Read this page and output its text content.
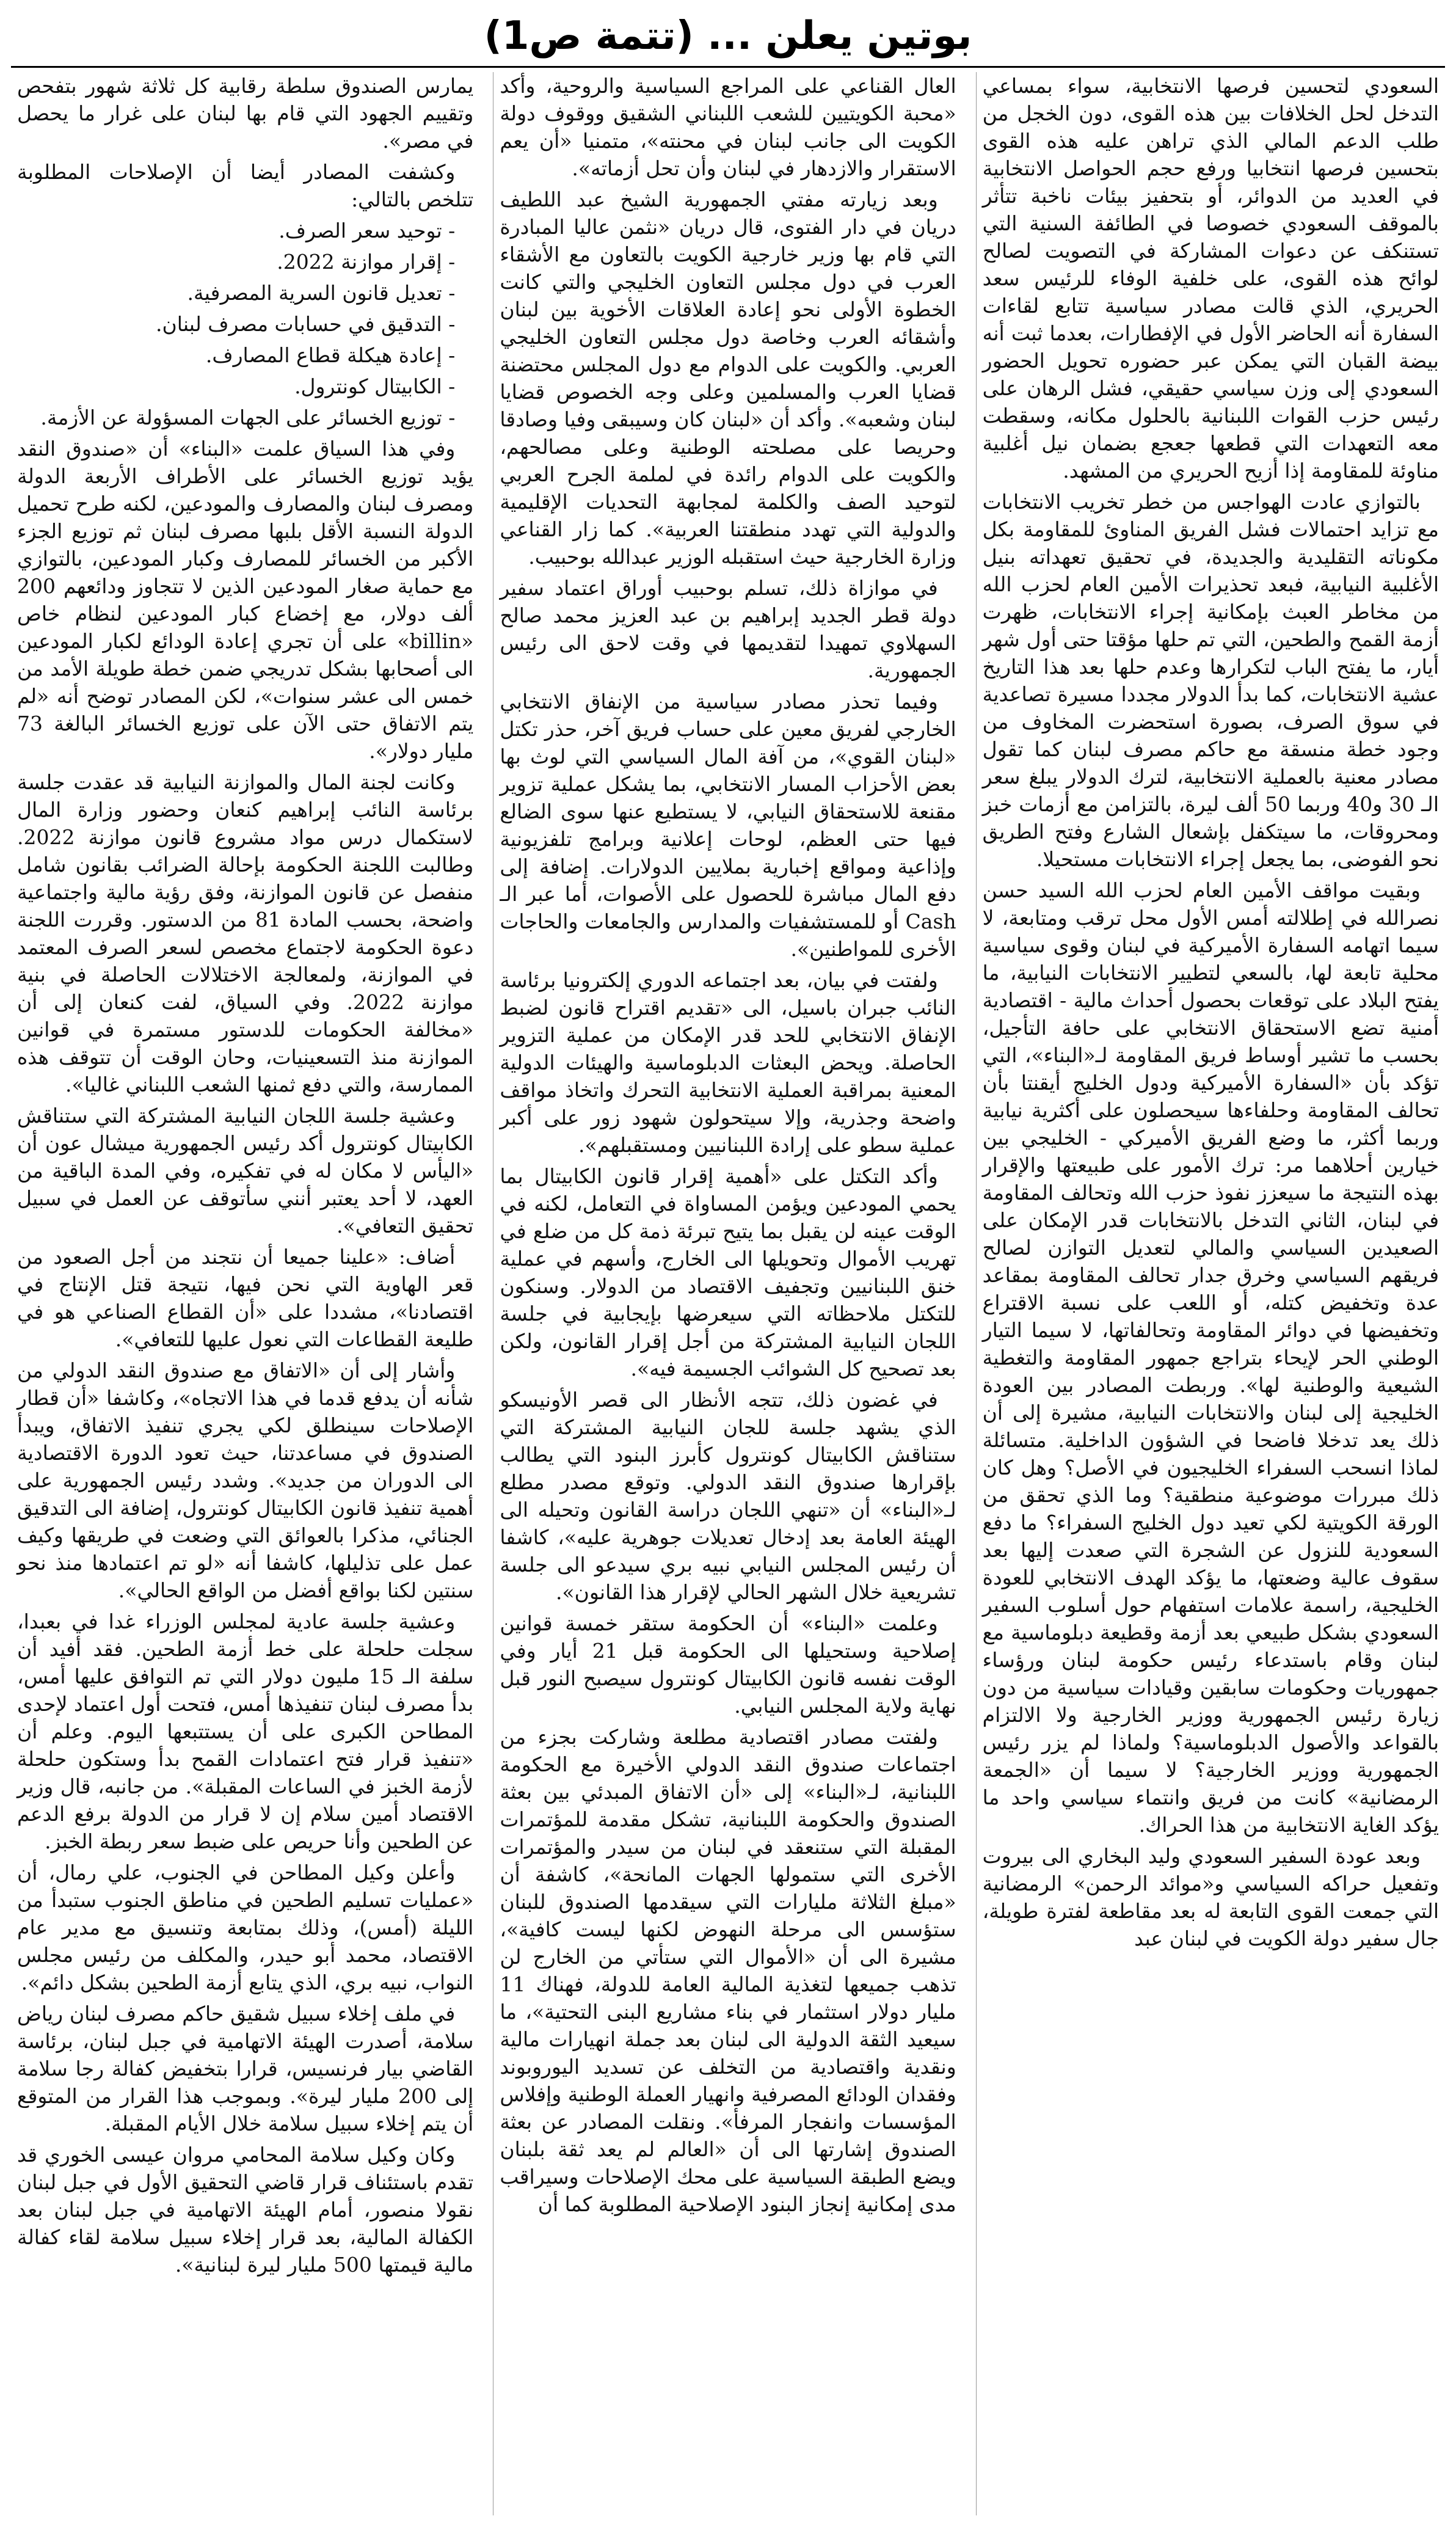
بوتين يعلن ... (تتمة ص1)

السعودي لتحسين فرصها الانتخابية، سواء بمساعي التدخل لحل الخلافات بين هذه القوى، دون الخجل من طلب الدعم المالي الذي تراهن عليه هذه القوى بتحسين فرصها انتخابيا ورفع حجم الحواصل الانتخابية في العديد من الدوائر، أو بتحفيز بيئات ناخبة تتأثر بالموقف السعودي خصوصا في الطائفة السنية التي تستنكف عن دعوات المشاركة في التصويت لصالح لوائح هذه القوى، على خلفية الوفاء للرئيس سعد الحريري، الذي قالت مصادر سياسية تتابع لقاءات السفارة أنه الحاضر الأول في الإفطارات، بعدما ثبت أنه بيضة القبان التي يمكن عبر حضوره تحويل الحضور السعودي إلى وزن سياسي حقيقي، فشل الرهان على رئيس حزب القوات اللبنانية بالحلول مكانه، وسقطت معه التعهدات التي قطعها جعجع بضمان نيل أغلبية مناوئة للمقاومة إذا أزيح الحريري من المشهد.

بالتوازي عادت الهواجس من خطر تخريب الانتخابات مع تزايد احتمالات فشل الفريق المناوئ للمقاومة بكل مكوناته التقليدية والجديدة، في تحقيق تعهداته بنيل الأغلبية النيابية، فبعد تحذيرات الأمين العام لحزب الله من مخاطر العبث بإمكانية إجراء الانتخابات، ظهرت أزمة القمح والطحين، التي تم حلها مؤقتا حتى أول شهر أيار، ما يفتح الباب لتكرارها وعدم حلها بعد هذا التاريخ عشية الانتخابات، كما بدأ الدولار مجددا مسيرة تصاعدية في سوق الصرف، بصورة استحضرت المخاوف من وجود خطة منسقة مع حاكم مصرف لبنان كما تقول مصادر معنية بالعملية الانتخابية، لترك الدولار يبلغ سعر الـ 30 و40 وربما 50 ألف ليرة، بالتزامن مع أزمات خبز ومحروقات، ما سيتكفل بإشعال الشارع وفتح الطريق نحو الفوضى، بما يجعل إجراء الانتخابات مستحيلا.

وبقيت مواقف الأمين العام لحزب الله السيد حسن نصرالله في إطلالته أمس الأول محل ترقب ومتابعة، لا سيما اتهامه السفارة الأميركية في لبنان وقوى سياسية محلية تابعة لها، بالسعي لتطيير الانتخابات النيابية، ما يفتح البلاد على توقعات بحصول أحداث مالية - اقتصادية أمنية تضع الاستحقاق الانتخابي على حافة التأجيل، بحسب ما تشير أوساط فريق المقاومة لـ«البناء»، التي تؤكد بأن «السفارة الأميركية ودول الخليج أيقنتا بأن تحالف المقاومة وحلفاءها سيحصلون على أكثرية نيابية وربما أكثر، ما وضع الفريق الأميركي - الخليجي بين خيارين أحلاهما مر: ترك الأمور على طبيعتها والإقرار بهذه النتيجة ما سيعزز نفوذ حزب الله وتحالف المقاومة في لبنان، الثاني التدخل بالانتخابات قدر الإمكان على الصعيدين السياسي والمالي لتعديل التوازن لصالح فريقهم السياسي وخرق جدار تحالف المقاومة بمقاعد عدة وتخفيض كتله، أو اللعب على نسبة الاقتراع وتخفيضها في دوائر المقاومة وتحالفاتها، لا سيما التيار الوطني الحر لإيحاء بتراجع جمهور المقاومة والتغطية الشيعية والوطنية لها». وربطت المصادر بين العودة الخليجية إلى لبنان والانتخابات النيابية، مشيرة إلى أن ذلك يعد تدخلا فاضحا في الشؤون الداخلية. متسائلة لماذا انسحب السفراء الخليجيون في الأصل؟ وهل كان ذلك مبررات موضوعية منطقية؟ وما الذي تحقق من الورقة الكويتية لكي تعيد دول الخليج السفراء؟ ما دفع السعودية للنزول عن الشجرة التي صعدت إليها بعد سقوف عالية وضعتها، ما يؤكد الهدف الانتخابي للعودة الخليجية، راسمة علامات استفهام حول أسلوب السفير السعودي بشكل طبيعي بعد أزمة وقطيعة دبلوماسية مع لبنان وقام باستدعاء رئيس حكومة لبنان ورؤساء جمهوريات وحكومات سابقين وقيادات سياسية من دون زيارة رئيس الجمهورية ووزير الخارجية ولا الالتزام بالقواعد والأصول الدبلوماسية؟ ولماذا لم يزر رئيس الجمهورية ووزير الخارجية؟ لا سيما أن «الجمعة الرمضانية» كانت من فريق وانتماء سياسي واحد ما يؤكد الغاية الانتخابية من هذا الحراك.

وبعد عودة السفير السعودي وليد البخاري الى بيروت وتفعيل حراكه السياسي و«موائد الرحمن» الرمضانية التي جمعت القوى التابعة له بعد مقاطعة لفترة طويلة، جال سفير دولة الكويت في لبنان عبد

العال القناعي على المراجع السياسية والروحية، وأكد «محبة الكويتيين للشعب اللبناني الشقيق ووقوف دولة الكويت الى جانب لبنان في محنته»، متمنيا «أن يعم الاستقرار والازدهار في لبنان وأن تحل أزماته».

وبعد زيارته مفتي الجمهورية الشيخ عبد اللطيف دريان في دار الفتوى، قال دريان «نثمن عاليا المبادرة التي قام بها وزير خارجية الكويت بالتعاون مع الأشقاء العرب في دول مجلس التعاون الخليجي والتي كانت الخطوة الأولى نحو إعادة العلاقات الأخوية بين لبنان وأشقائه العرب وخاصة دول مجلس التعاون الخليجي العربي. والكويت على الدوام مع دول المجلس محتضنة قضايا العرب والمسلمين وعلى وجه الخصوص قضايا لبنان وشعبه». وأكد أن «لبنان كان وسيبقى وفيا وصادقا وحريصا على مصلحته الوطنية وعلى مصالحهم، والكويت على الدوام رائدة في لملمة الجرح العربي لتوحيد الصف والكلمة لمجابهة التحديات الإقليمية والدولية التي تهدد منطقتنا العربية». كما زار القناعي وزارة الخارجية حيث استقبله الوزير عبدالله بوحبيب.

في موازاة ذلك، تسلم بوحبيب أوراق اعتماد سفير دولة قطر الجديد إبراهيم بن عبد العزيز محمد صالح السهلاوي تمهيدا لتقديمها في وقت لاحق الى رئيس الجمهورية.

وفيما تحذر مصادر سياسية من الإنفاق الانتخابي الخارجي لفريق معين على حساب فريق آخر، حذر تكتل «لبنان القوي»، من آفة المال السياسي التي لوث بها بعض الأحزاب المسار الانتخابي، بما يشكل عملية تزوير مقنعة للاستحقاق النيابي، لا يستطيع عنها سوى الضالع فيها حتى العظم، لوحات إعلانية وبرامج تلفزيونية وإذاعية ومواقع إخبارية بملايين الدولارات. إضافة إلى دفع المال مباشرة للحصول على الأصوات، أما عبر الـ Cash أو للمستشفيات والمدارس والجامعات والحاجات الأخرى للمواطنين».

ولفتت في بيان، بعد اجتماعه الدوري إلكترونيا برئاسة النائب جبران باسيل، الى «تقديم اقتراح قانون لضبط الإنفاق الانتخابي للحد قدر الإمكان من عملية التزوير الحاصلة. ويحض البعثات الدبلوماسية والهيئات الدولية المعنية بمراقبة العملية الانتخابية التحرك واتخاذ مواقف واضحة وجذرية، وإلا سيتحولون شهود زور على أكبر عملية سطو على إرادة اللبنانيين ومستقبلهم».

وأكد التكتل على «أهمية إقرار قانون الكابيتال بما يحمي المودعين ويؤمن المساواة في التعامل، لكنه في الوقت عينه لن يقبل بما يتيح تبرئة ذمة كل من ضلع في تهريب الأموال وتحويلها الى الخارج، وأسهم في عملية خنق اللبنانيين وتجفيف الاقتصاد من الدولار. وسنكون للتكتل ملاحظاته التي سيعرضها بإيجابية في جلسة اللجان النيابية المشتركة من أجل إقرار القانون، ولكن بعد تصحيح كل الشوائب الجسيمة فيه».

في غضون ذلك، تتجه الأنظار الى قصر الأونيسكو الذي يشهد جلسة للجان النيابية المشتركة التي ستناقش الكابيتال كونترول كأبرز البنود التي يطالب بإقرارها صندوق النقد الدولي. وتوقع مصدر مطلع لـ«البناء» أن «تنهي اللجان دراسة القانون وتحيله الى الهيئة العامة بعد إدخال تعديلات جوهرية عليه»، كاشفا أن رئيس المجلس النيابي نبيه بري سيدعو الى جلسة تشريعية خلال الشهر الحالي لإقرار هذا القانون».

وعلمت «البناء» أن الحكومة ستقر خمسة قوانين إصلاحية وستحيلها الى الحكومة قبل 21 أيار وفي الوقت نفسه قانون الكابيتال كونترول سيصبح النور قبل نهاية ولاية المجلس النيابي.

ولفتت مصادر اقتصادية مطلعة وشاركت بجزء من اجتماعات صندوق النقد الدولي الأخيرة مع الحكومة اللبنانية، لـ«البناء» إلى «أن الاتفاق المبدئي بين بعثة الصندوق والحكومة اللبنانية، تشكل مقدمة للمؤتمرات المقبلة التي ستنعقد في لبنان من سيدر والمؤتمرات الأخرى التي ستمولها الجهات المانحة»، كاشفة أن «مبلغ الثلاثة مليارات التي سيقدمها الصندوق للبنان ستؤسس الى مرحلة النهوض لكنها ليست كافية»، مشيرة الى أن «الأموال التي ستأتي من الخارج لن تذهب جميعها لتغذية المالية العامة للدولة، فهناك 11 مليار دولار استثمار في بناء مشاريع البنى التحتية»، ما سيعيد الثقة الدولية الى لبنان بعد جملة انهيارات مالية ونقدية واقتصادية من التخلف عن تسديد اليوروبوند وفقدان الودائع المصرفية وانهيار العملة الوطنية وإفلاس المؤسسات وانفجار المرفأ». ونقلت المصادر عن بعثة الصندوق إشارتها الى أن «العالم لم يعد ثقة بلبنان ويضع الطبقة السياسية على محك الإصلاحات وسيراقب مدى إمكانية إنجاز البنود الإصلاحية المطلوبة كما أن

يمارس الصندوق سلطة رقابية كل ثلاثة شهور بتفحص وتقييم الجهود التي قام بها لبنان على غرار ما يحصل في مصر».

وكشفت المصادر أيضا أن الإصلاحات المطلوبة تتلخص بالتالي:

- توحيد سعر الصرف.

- إقرار موازنة 2022.

- تعديل قانون السرية المصرفية.

- التدقيق في حسابات مصرف لبنان.

- إعادة هيكلة قطاع المصارف.

- الكابيتال كونترول.

- توزيع الخسائر على الجهات المسؤولة عن الأزمة.

وفي هذا السياق علمت «البناء» أن «صندوق النقد يؤيد توزيع الخسائر على الأطراف الأربعة الدولة ومصرف لبنان والمصارف والمودعين، لكنه طرح تحميل الدولة النسبة الأقل بلبها مصرف لبنان ثم توزيع الجزء الأكبر من الخسائر للمصارف وكبار المودعين، بالتوازي مع حماية صغار المودعين الذين لا تتجاوز ودائعهم 200 ألف دولار، مع إخضاع كبار المودعين لنظام خاص «billin» على أن تجري إعادة الودائع لكبار المودعين الى أصحابها بشكل تدريجي ضمن خطة طويلة الأمد من خمس الى عشر سنوات»، لكن المصادر توضح أنه «لم يتم الاتفاق حتى الآن على توزيع الخسائر البالغة 73 مليار دولار».

وكانت لجنة المال والموازنة النيابية قد عقدت جلسة برئاسة النائب إبراهيم كنعان وحضور وزارة المال لاستكمال درس مواد مشروع قانون موازنة 2022. وطالبت اللجنة الحكومة بإحالة الضرائب بقانون شامل منفصل عن قانون الموازنة، وفق رؤية مالية واجتماعية واضحة، بحسب المادة 81 من الدستور. وقررت اللجنة دعوة الحكومة لاجتماع مخصص لسعر الصرف المعتمد في الموازنة، ولمعالجة الاختلالات الحاصلة في بنية موازنة 2022. وفي السياق، لفت كنعان إلى أن «مخالفة الحكومات للدستور مستمرة في قوانين الموازنة منذ التسعينيات، وحان الوقت أن تتوقف هذه الممارسة، والتي دفع ثمنها الشعب اللبناني غاليا».

وعشية جلسة اللجان النيابية المشتركة التي ستناقش الكابيتال كونترول أكد رئيس الجمهورية ميشال عون أن «اليأس لا مكان له في تفكيره، وفي المدة الباقية من العهد، لا أحد يعتبر أنني سأتوقف عن العمل في سبيل تحقيق التعافي».

أضاف: «علينا جميعا أن نتجند من أجل الصعود من قعر الهاوية التي نحن فيها، نتيجة قتل الإنتاج في اقتصادنا»، مشددا على «أن القطاع الصناعي هو في طليعة القطاعات التي نعول عليها للتعافي».

وأشار إلى أن «الاتفاق مع صندوق النقد الدولي من شأنه أن يدفع قدما في هذا الاتجاه»، وكاشفا «أن قطار الإصلاحات سينطلق لكي يجري تنفيذ الاتفاق، ويبدأ الصندوق في مساعدتنا، حيث تعود الدورة الاقتصادية الى الدوران من جديد». وشدد رئيس الجمهورية على أهمية تنفيذ قانون الكابيتال كونترول، إضافة الى التدقيق الجنائي، مذكرا بالعوائق التي وضعت في طريقها وكيف عمل على تذليلها، كاشفا أنه «لو تم اعتمادها منذ نحو سنتين لكنا بواقع أفضل من الواقع الحالي».

وعشية جلسة عادية لمجلس الوزراء غدا في بعبدا، سجلت حلحلة على خط أزمة الطحين. فقد أفيد أن سلفة الـ 15 مليون دولار التي تم التوافق عليها أمس، بدأ مصرف لبنان تنفيذها أمس، فتحت أول اعتماد لإحدى المطاحن الكبرى على أن يستتبعها اليوم. وعلم أن «تنفيذ قرار فتح اعتمادات القمح بدأ وستكون حلحلة لأزمة الخبز في الساعات المقبلة». من جانبه، قال وزير الاقتصاد أمين سلام إن لا قرار من الدولة برفع الدعم عن الطحين وأنا حريص على ضبط سعر ربطة الخبز.

وأعلن وكيل المطاحن في الجنوب، علي رمال، أن «عمليات تسليم الطحين في مناطق الجنوب ستبدأ من الليلة (أمس)، وذلك بمتابعة وتنسيق مع مدير عام الاقتصاد، محمد أبو حيدر، والمكلف من رئيس مجلس النواب، نبيه بري، الذي يتابع أزمة الطحين بشكل دائم».

في ملف إخلاء سبيل شقيق حاكم مصرف لبنان رياض سلامة، أصدرت الهيئة الاتهامية في جبل لبنان، برئاسة القاضي بيار فرنسيس، قرارا بتخفيض كفالة رجا سلامة إلى 200 مليار ليرة». وبموجب هذا القرار من المتوقع أن يتم إخلاء سبيل سلامة خلال الأيام المقبلة.

وكان وكيل سلامة المحامي مروان عيسى الخوري قد تقدم باستئناف قرار قاضي التحقيق الأول في جبل لبنان نقولا منصور، أمام الهيئة الاتهامية في جبل لبنان بعد الكفالة المالية، بعد قرار إخلاء سبيل سلامة لقاء كفالة مالية قيمتها 500 مليار ليرة لبنانية».
